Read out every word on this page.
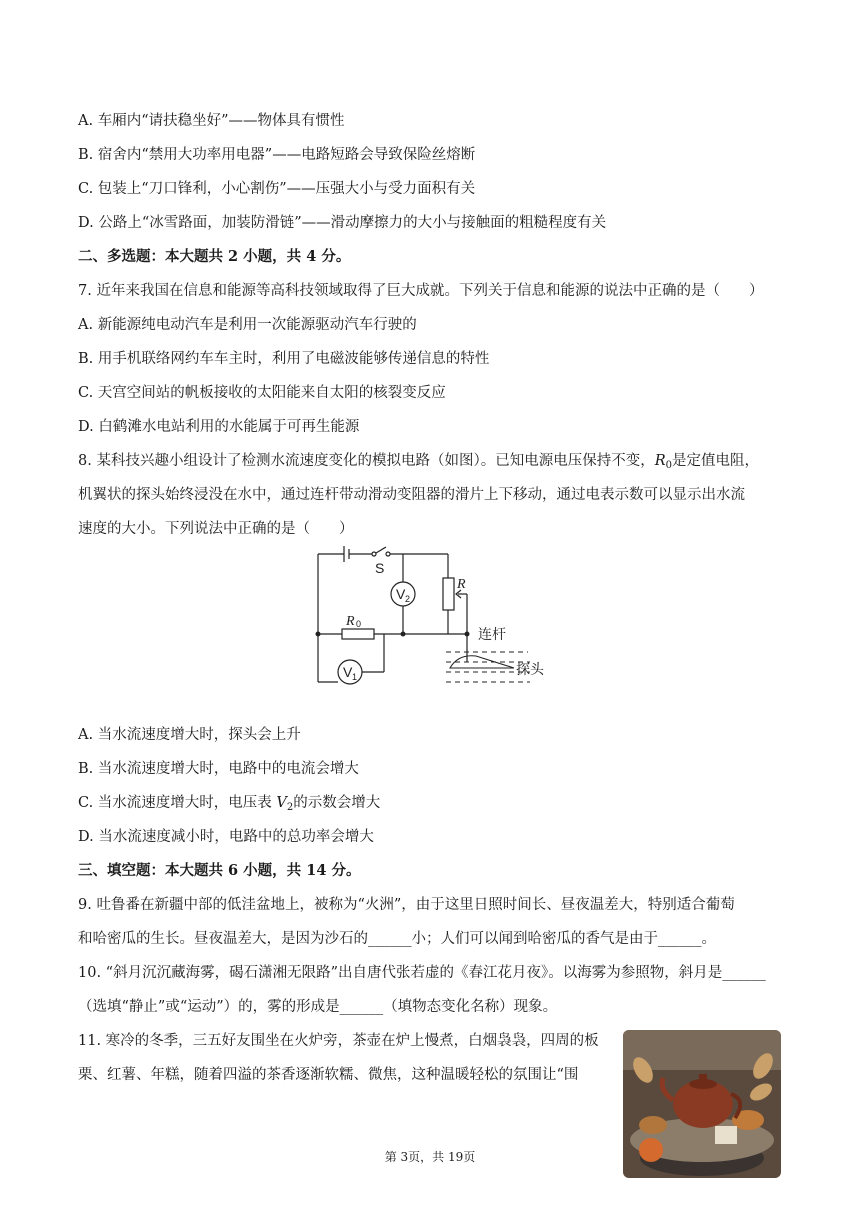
A. 车厢内“请扶稳坐好”——物体具有惯性
B. 宿舍内“禁用大功率用电器”——电路短路会导致保险丝熔断
C. 包装上“刀口锋利，小心割伤”——压强大小与受力面积有关
D. 公路上“冰雪路面，加装防滑链”——滑动摩擦力的大小与接触面的粗糙程度有关
二、多选题：本大题共 2 小题，共 4 分。
7. 近年来我国在信息和能源等高科技领域取得了巨大成就。下列关于信息和能源的说法中正确的是（　　）
A. 新能源纯电动汽车是利用一次能源驱动汽车行驶的
B. 用手机联络网约车车主时，利用了电磁波能够传递信息的特性
C. 天宫空间站的帆板接收的太阳能来自太阳的核裂变反应
D. 白鹤滩水电站利用的水能属于可再生能源
8. 某科技兴趣小组设计了检测水流速度变化的模拟电路（如图）。已知电源电压保持不变，$R_0$是定值电阻，
机翼状的探头始终浸没在水中，通过连杆带动滑动变阻器的滑片上下移动，通过电表示数可以显示出水流
速度的大小。下列说法中正确的是（　　）
S
V 2
R
R 0
连杆
探头
V 1
A. 当水流速度增大时，探头会上升
B. 当水流速度增大时，电路中的电流会增大
C. 当水流速度增大时，电压表 $V_2$的示数会增大
D. 当水流速度减小时，电路中的总功率会增大
三、填空题：本大题共 6 小题，共 14 分。
9. 吐鲁番在新疆中部的低洼盆地上，被称为“火洲”，由于这里日照时间长、昼夜温差大，特别适合葡萄
和哈密瓜的生长。昼夜温差大，是因为沙石的______小；人们可以闻到哈密瓜的香气是由于______。
10. “斜月沉沉藏海雾，碣石潇湘无限路”出自唐代张若虚的《春江花月夜》。以海雾为参照物，斜月是______
（选填“静止”或“运动”）的，雾的形成是______（填物态变化名称）现象。
11. 寒冷的冬季，三五好友围坐在火炉旁，茶壶在炉上慢煮，白烟袅袅，四周的板
栗、红薯、年糕，随着四溢的茶香逐渐软糯、微焦，这种温暖轻松的氛围让“围
第 3页，共 19页
